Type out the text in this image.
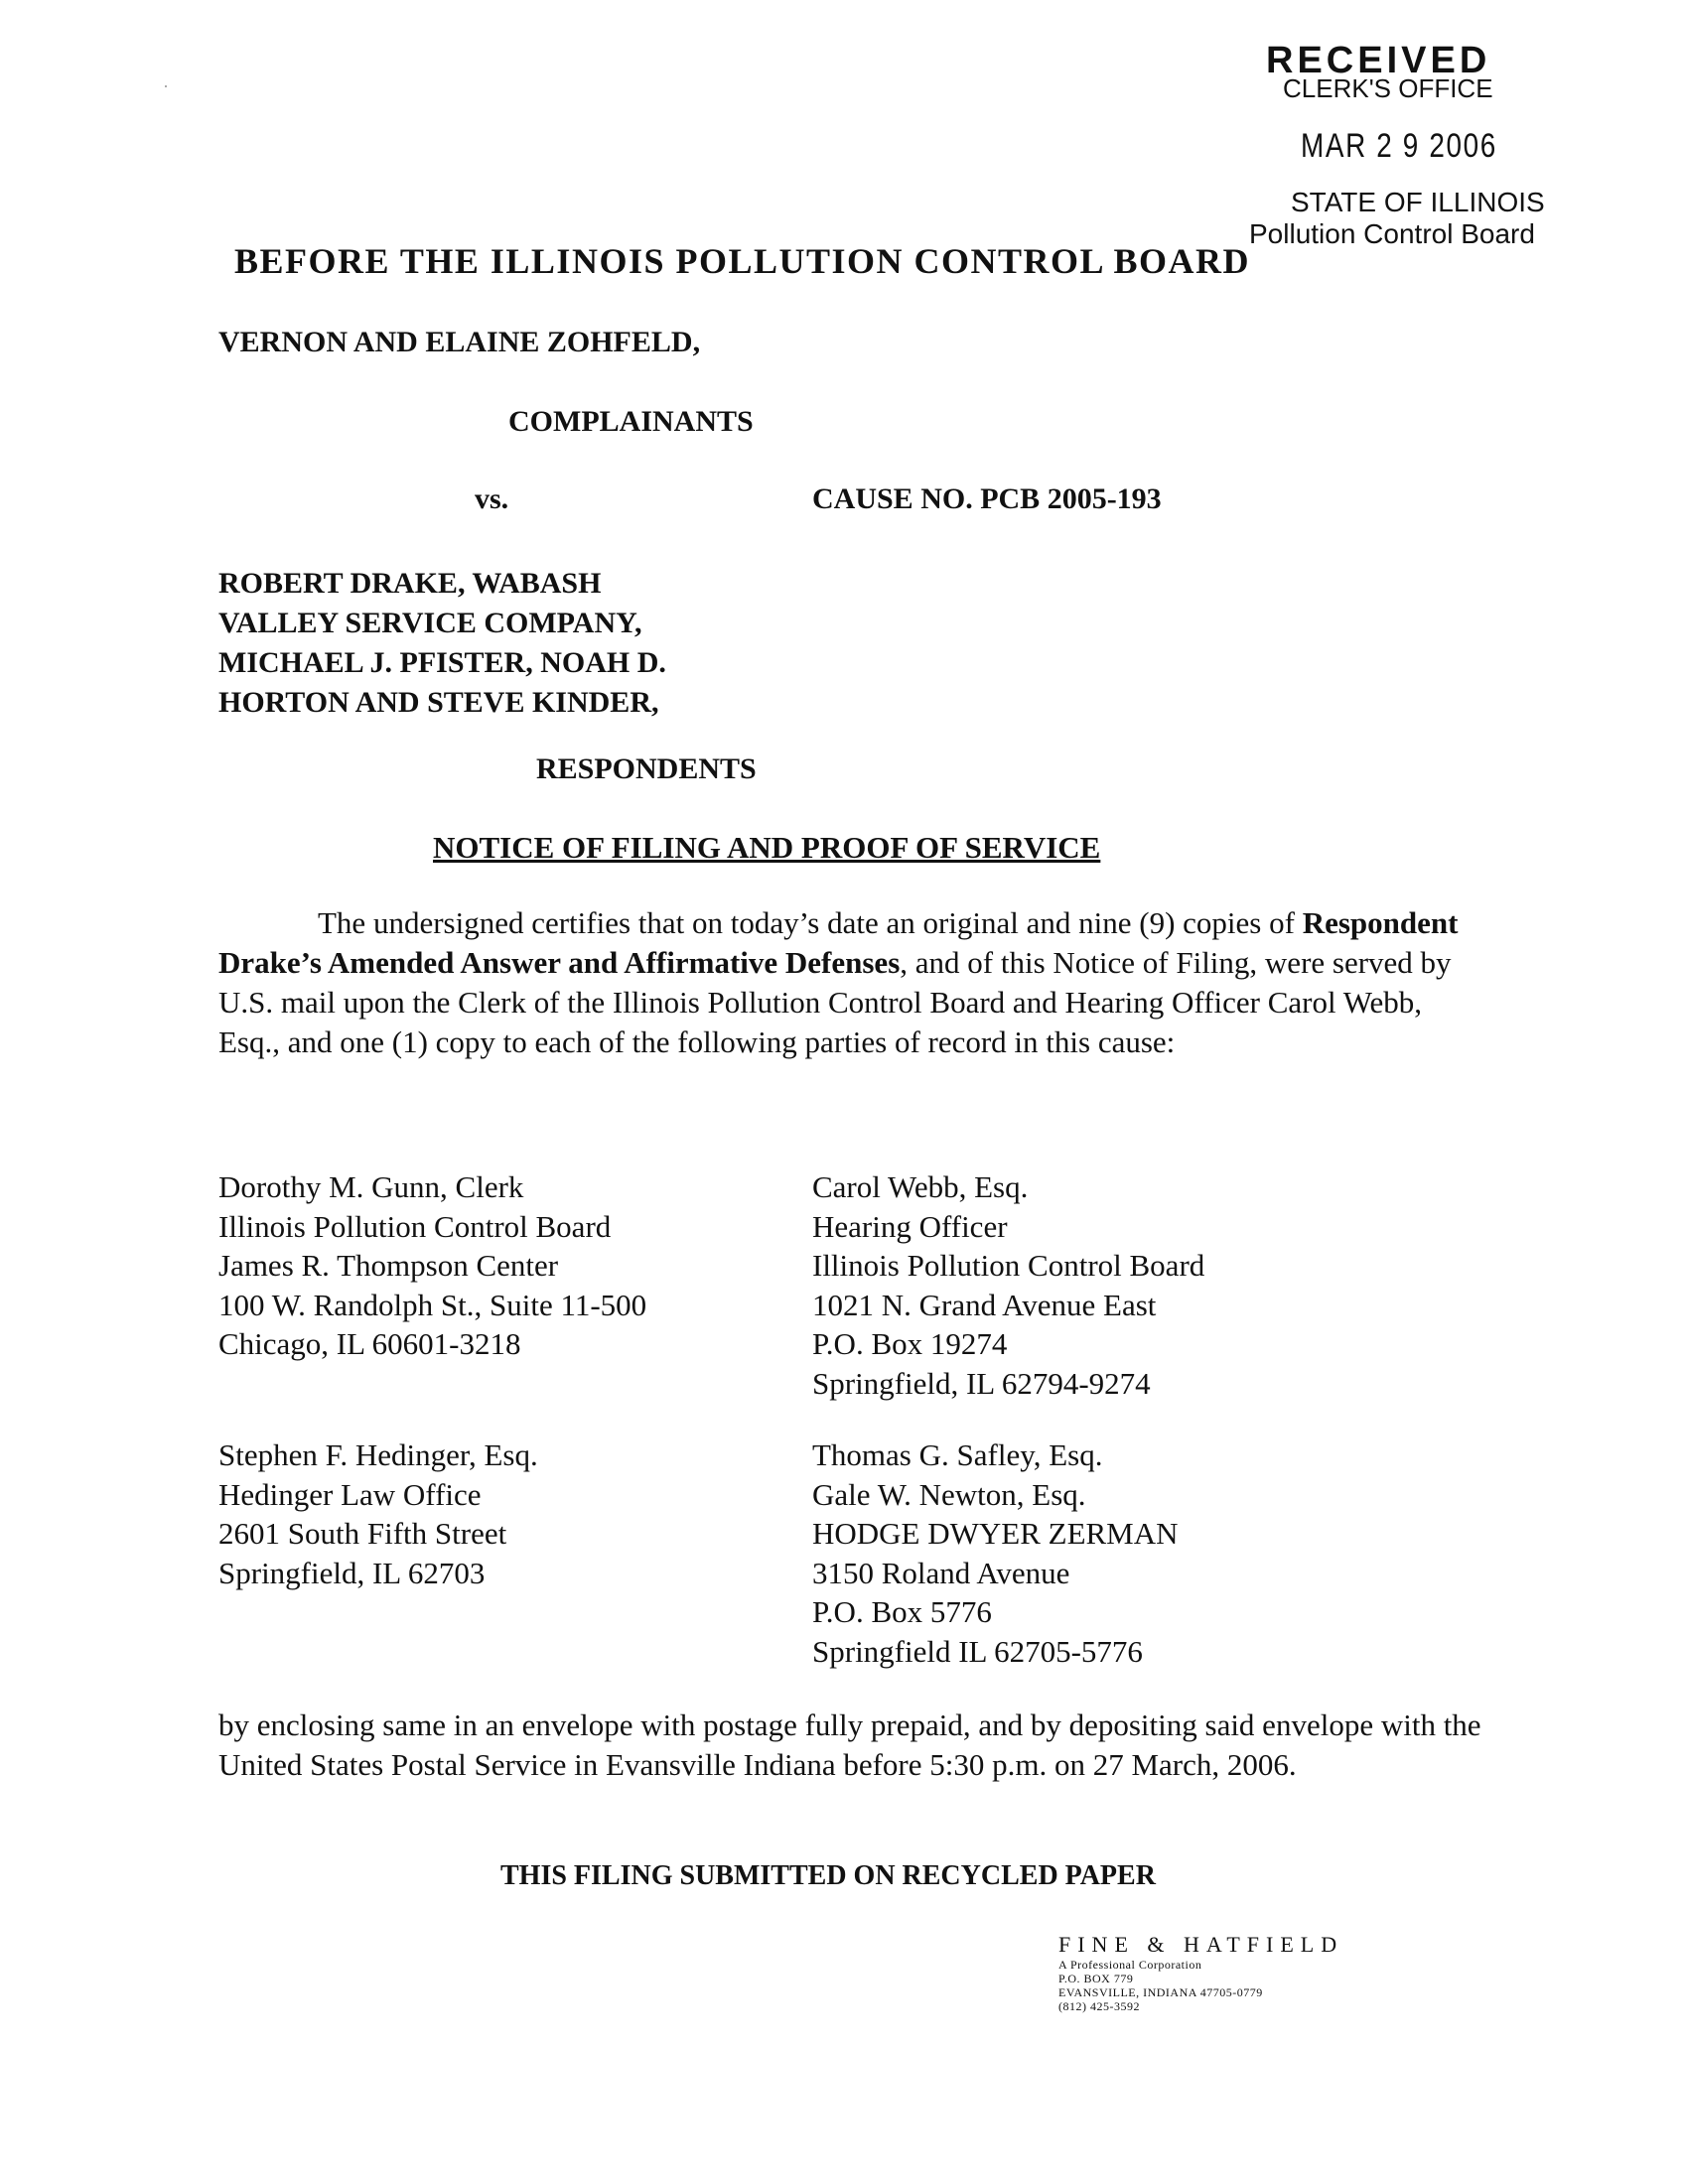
RECEIVED
CLERK'S OFFICE
MAR 2 9 2006
STATE OF ILLINOIS
Pollution Control Board
BEFORE THE ILLINOIS POLLUTION CONTROL BOARD
VERNON AND ELAINE ZOHFELD,
COMPLAINANTS
vs.	CAUSE NO. PCB 2005-193
ROBERT DRAKE, WABASH
VALLEY SERVICE COMPANY,
MICHAEL J. PFISTER, NOAH D.
HORTON AND STEVE KINDER,
RESPONDENTS
NOTICE OF FILING AND PROOF OF SERVICE

The undersigned certifies that on today’s date an original and nine (9) copies of Respondent Drake’s Amended Answer and Affirmative Defenses, and of this Notice of Filing, were served by U.S. mail upon the Clerk of the Illinois Pollution Control Board and Hearing Officer Carol Webb, Esq., and one (1) copy to each of the following parties of record in this cause:

Dorothy M. Gunn, Clerk
Illinois Pollution Control Board
James R. Thompson Center
100 W. Randolph St., Suite 11-500
Chicago, IL 60601-3218
Carol Webb, Esq.
Hearing Officer
Illinois Pollution Control Board
1021 N. Grand Avenue East
P.O. Box 19274
Springfield, IL 62794-9274
Stephen F. Hedinger, Esq.
Hedinger Law Office
2601 South Fifth Street
Springfield, IL 62703
Thomas G. Safley, Esq.
Gale W. Newton, Esq.
HODGE DWYER ZERMAN
3150 Roland Avenue
P.O. Box 5776
Springfield IL 62705-5776
by enclosing same in an envelope with postage fully prepaid, and by depositing said envelope with the United States Postal Service in Evansville Indiana before 5:30 p.m. on 27 March, 2006.
THIS FILING SUBMITTED ON RECYCLED PAPER
FINE & HATFIELD
A Professional Corporation
P.O. BOX 779
EVANSVILLE, INDIANA 47705-0779
(812) 425-3592
